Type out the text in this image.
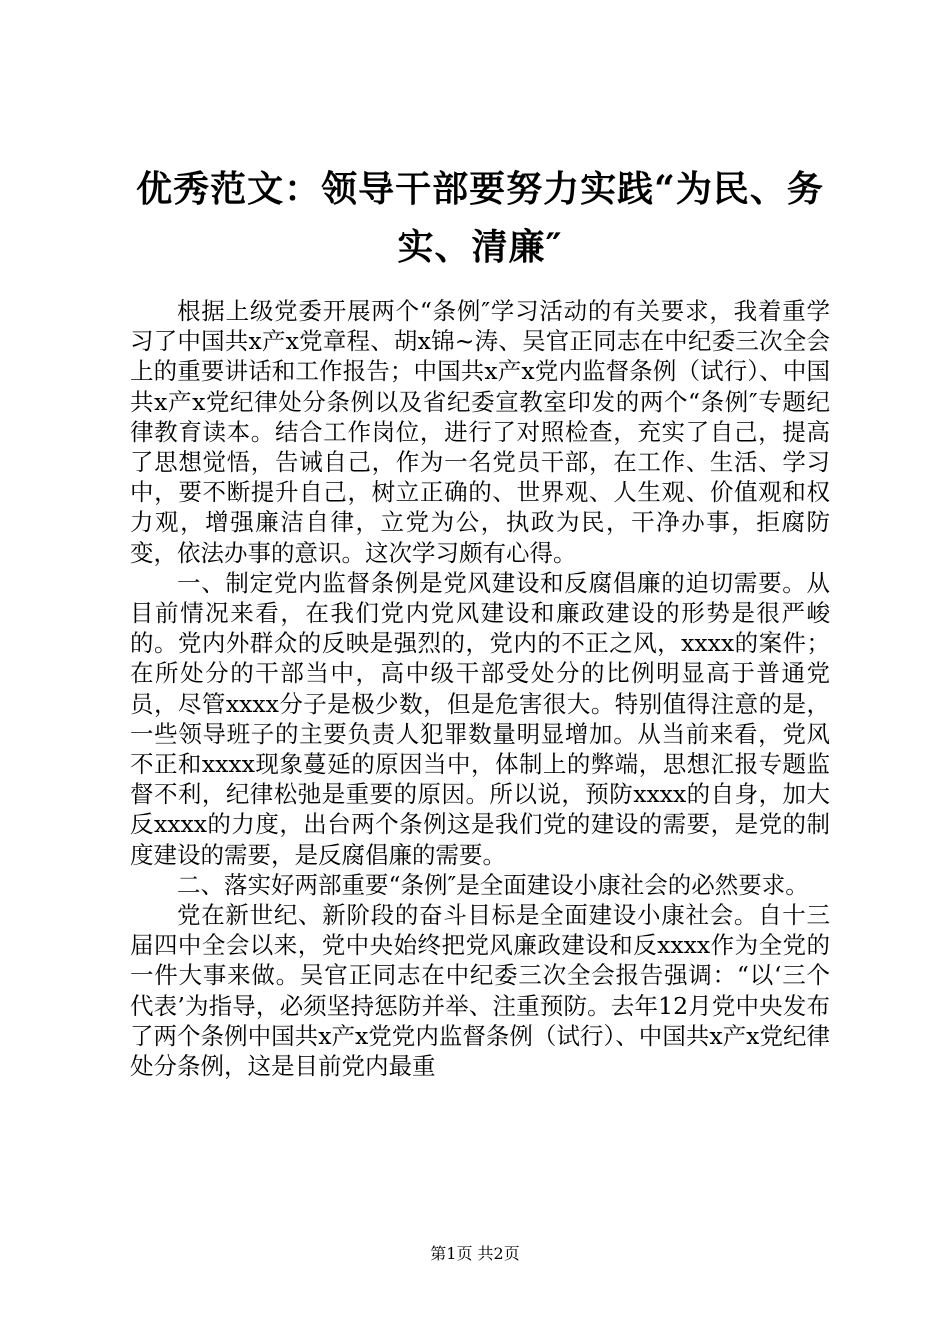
优秀范文：领导干部要努力实践“为民、务实、清廉″

根据上级党委开展两个“条例″学习活动的有关要求，我着重学习了中国共x产x党章程、胡x锦~涛、吴官正同志在中纪委三次全会上的重要讲话和工作报告；中国共x产x党内监督条例（试行）、中国共x产x党纪律处分条例以及省纪委宣教室印发的两个“条例″专题纪律教育读本。结合工作岗位，进行了对照检查，充实了自己，提高了思想觉悟，告诫自己，作为一名党员干部，在工作、生活、学习中，要不断提升自己，树立正确的、世界观、人生观、价值观和权力观，增强廉洁自律，立党为公，执政为民，干净办事，拒腐防变，依法办事的意识。这次学习颇有心得。

一、制定党内监督条例是党风建设和反腐倡廉的迫切需要。从目前情况来看，在我们党内党风建设和廉政建设的形势是很严峻的。党内外群众的反映是强烈的，党内的不正之风，xxxx的案件；在所处分的干部当中，高中级干部受处分的比例明显高于普通党员，尽管xxxx分子是极少数，但是危害很大。特别值得注意的是，一些领导班子的主要负责人犯罪数量明显增加。从当前来看，党风不正和xxxx现象蔓延的原因当中，体制上的弊端，思想汇报专题监督不利，纪律松弛是重要的原因。所以说，预防xxxx的自身，加大反xxxx的力度，出台两个条例这是我们党的建设的需要，是党的制度建设的需要，是反腐倡廉的需要。

二、落实好两部重要“条例″是全面建设小康社会的必然要求。

党在新世纪、新阶段的奋斗目标是全面建设小康社会。自十三届四中全会以来，党中央始终把党风廉政建设和反xxxx作为全党的一件大事来做。吴官正同志在中纪委三次全会报告强调：“以‘三个代表’为指导，必须坚持惩防并举、注重预防。去年12月党中央发布了两个条例中国共x产x党党内监督条例（试行）、中国共x产x党纪律处分条例，这是目前党内最重

第1页 共2页
